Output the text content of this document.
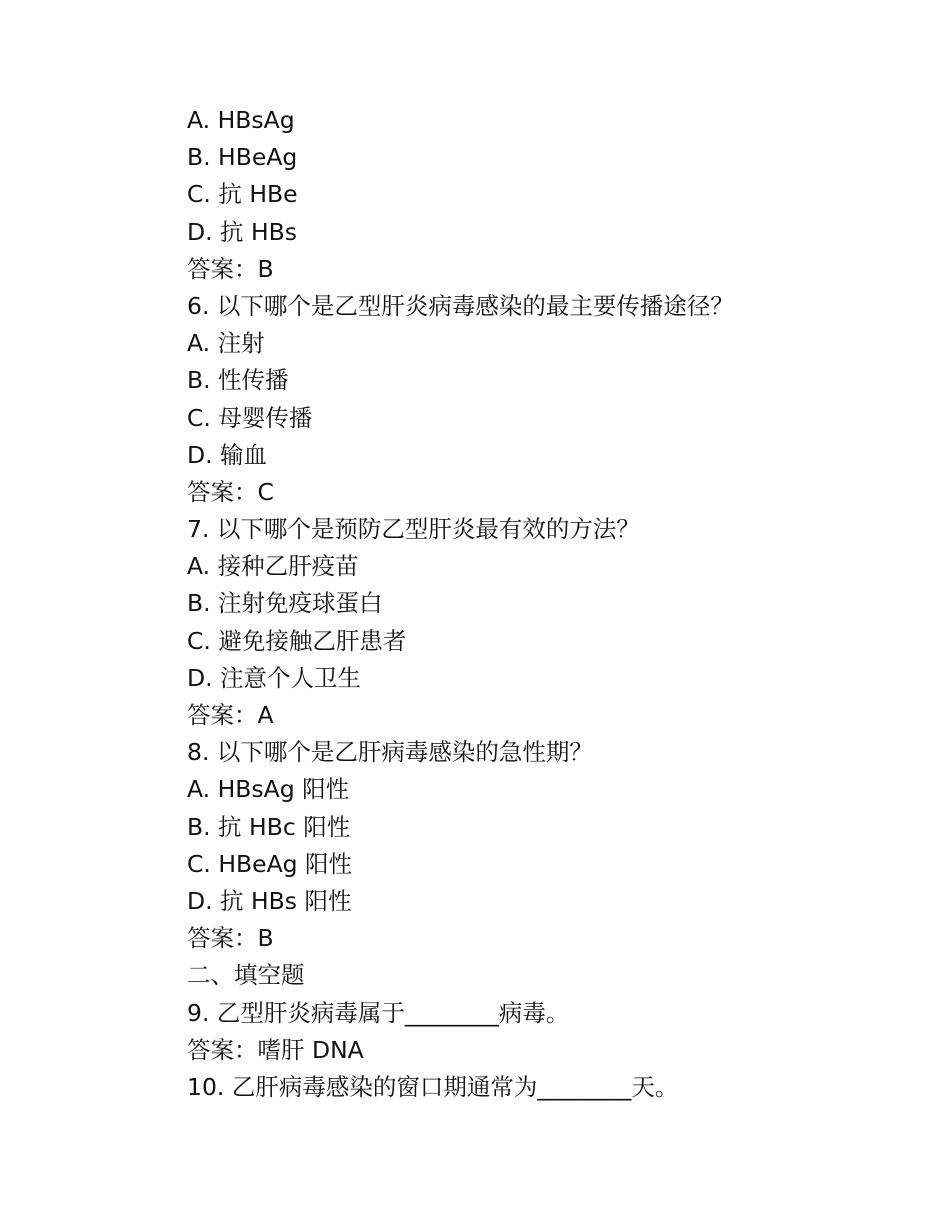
A. HBsAg
B. HBeAg
C. 抗 HBe
D. 抗 HBs
答案：B
6. 以下哪个是乙型肝炎病毒感染的最主要传播途径？
A. 注射
B. 性传播
C. 母婴传播
D. 输血
答案：C
7. 以下哪个是预防乙型肝炎最有效的方法？
A. 接种乙肝疫苗
B. 注射免疫球蛋白
C. 避免接触乙肝患者
D. 注意个人卫生
答案：A
8. 以下哪个是乙肝病毒感染的急性期？
A. HBsAg 阳性
B. 抗 HBc 阳性
C. HBeAg 阳性
D. 抗 HBs 阳性
答案：B
二、填空题
9. 乙型肝炎病毒属于________病毒。
答案：嗜肝 DNA
10. 乙肝病毒感染的窗口期通常为________天。
